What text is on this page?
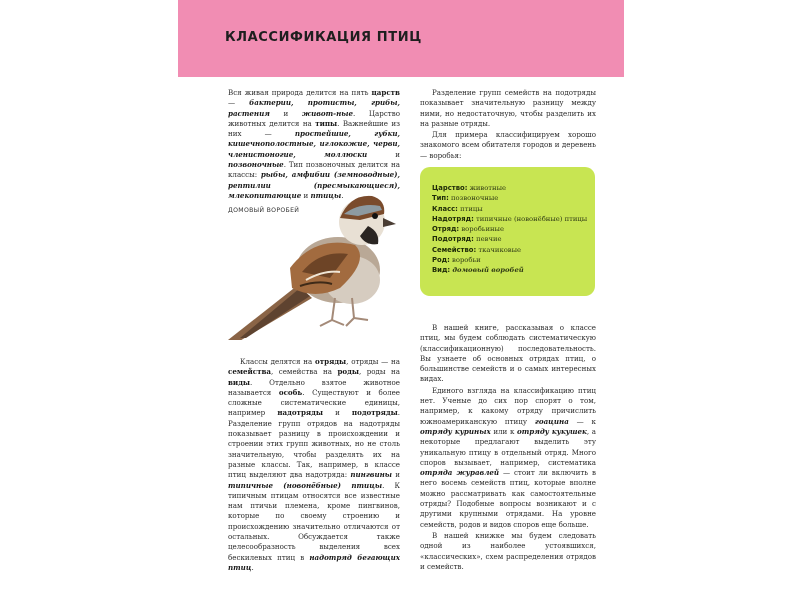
КЛАССИФИКАЦИЯ ПТИЦ

Вся живая природа делится на пять царств — бактерии, протисты, грибы, растения и живот-ные. Царство животных делится на типы. Важнейшие из них — простейшие, губки, кишечнополостные, иглокожие, черви, членистоногие, моллюски и позвоночные. Тип позвоночных делится на классы: рыбы, амфибии (земноводные), рептилии (пресмыкающиеся), млекопитающие и птицы.

ДОМОВЫЙ ВОРОБЕЙ

Разделение групп семейств на подотряды показывает значительную разницу между ними, но недостаточную, чтобы разделить их на разные отряды.

Для примера классифицируем хорошо знакомого всем обитателя городов и деревень — воробья:

Царство: животные
Тип: позвоночные
Класс: птицы
Надотряд: типичные (новонёбные) птицы
Отряд: воробьиные
Подотряд: певчие
Семейство: ткачиковые
Род: воробьи
Вид: домовый воробей

Классы делятся на отряды, отряды — на семейства, семейства на роды, роды на виды. Отдельно взятое животное называется особь. Существуют и более сложные систематические единицы, например надотряды и подотряды. Разделение групп отрядов на надотряды показывает разницу в происхождении и строении этих групп животных, но не столь значительную, чтобы разделять их на разные классы. Так, например, в классе птиц выделяют два надотряда: пингвины и типичные (новонёбные) птицы. К типичным птицам относятся все известные нам птичьи племена, кроме пингвинов, которые по своему строению и происхождению значительно отличаются от остальных. Обсуждается также целесообразность выделения всех бескилевых птиц в надотряд бегающих птиц.

В нашей книге, рассказывая о классе птиц, мы будем соблюдать систематическую (классификационную) последовательность. Вы узнаете об основных отрядах птиц, о большинстве семейств и о самых интересных видах.

Единого взгляда на классификацию птиц нет. Ученые до сих пор спорят о том, например, к какому отряду причислить южноамериканскую птицу гоацина — к отряду куриных или к отряду кукушек, а некоторые предлагают выделить эту уникальную птицу в отдельный отряд. Много споров вызывает, например, систематика отряда журавлей — стоит ли включить в него восемь семейств птиц, которые вполне можно рассматривать как самостоятельные отряды? Подобные вопросы возникают и с другими крупными отрядами. На уровне семейств, родов и видов споров еще больше.

В нашей книжке мы будем следовать одной из наиболее устоявшихся, «классических», схем распределения отрядов и семейств.
